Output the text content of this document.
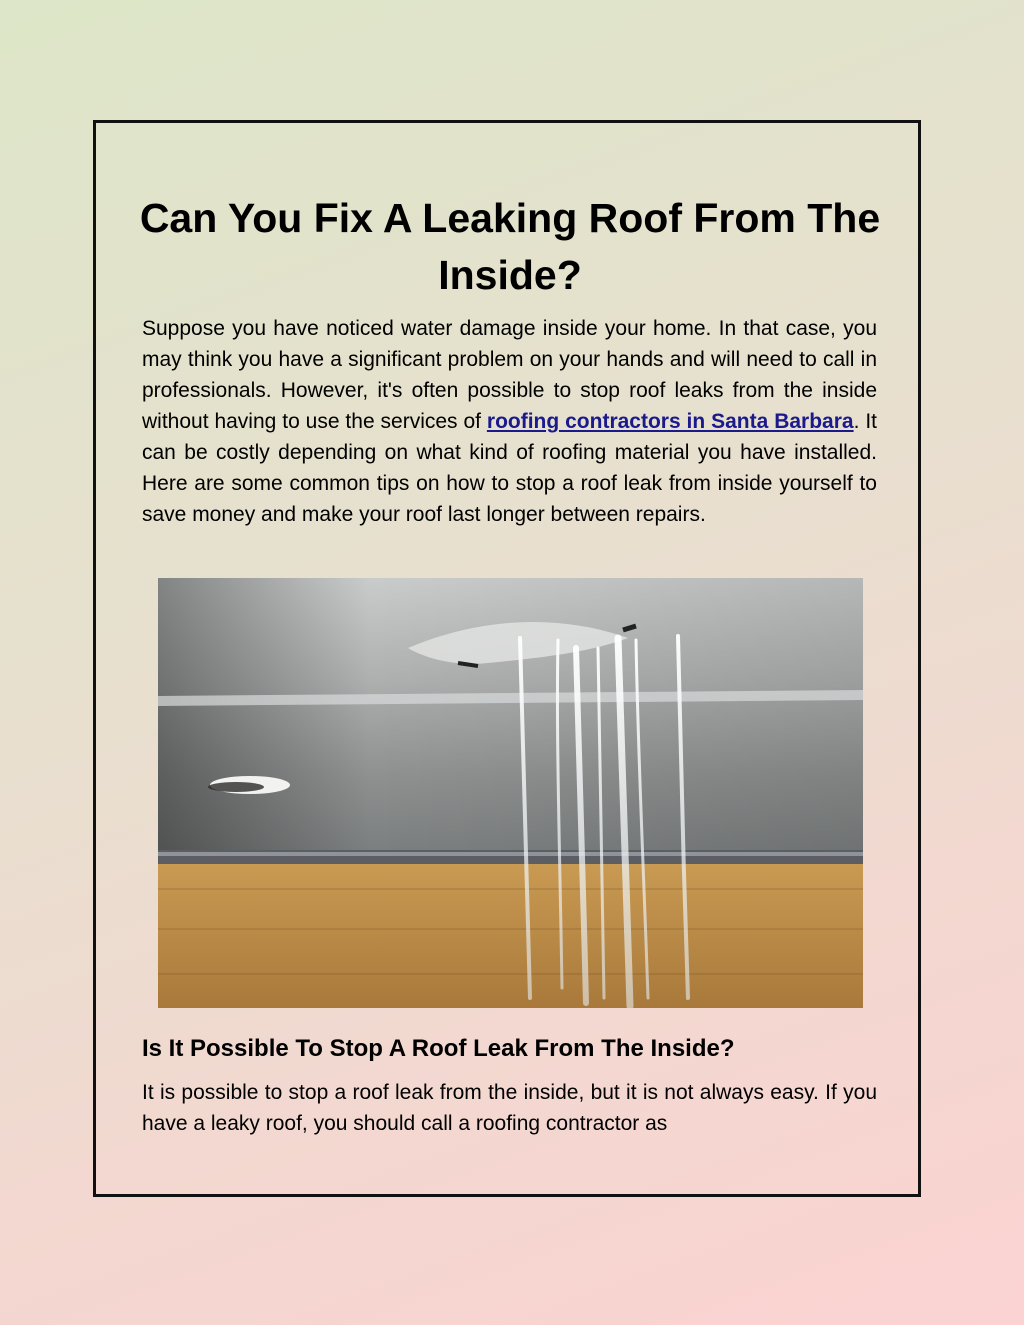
Can You Fix A Leaking Roof From The Inside?

Suppose you have noticed water damage inside your home. In that case, you may think you have a significant problem on your hands and will need to call in professionals. However, it's often possible to stop roof leaks from the inside without having to use the services of roofing contractors in Santa Barbara. It can be costly depending on what kind of roofing material you have installed. Here are some common tips on how to stop a roof leak from inside yourself to save money and make your roof last longer between repairs.

Is It Possible To Stop A Roof Leak From The Inside?

It is possible to stop a roof leak from the inside, but it is not always easy. If you have a leaky roof, you should call a roofing contractor as
